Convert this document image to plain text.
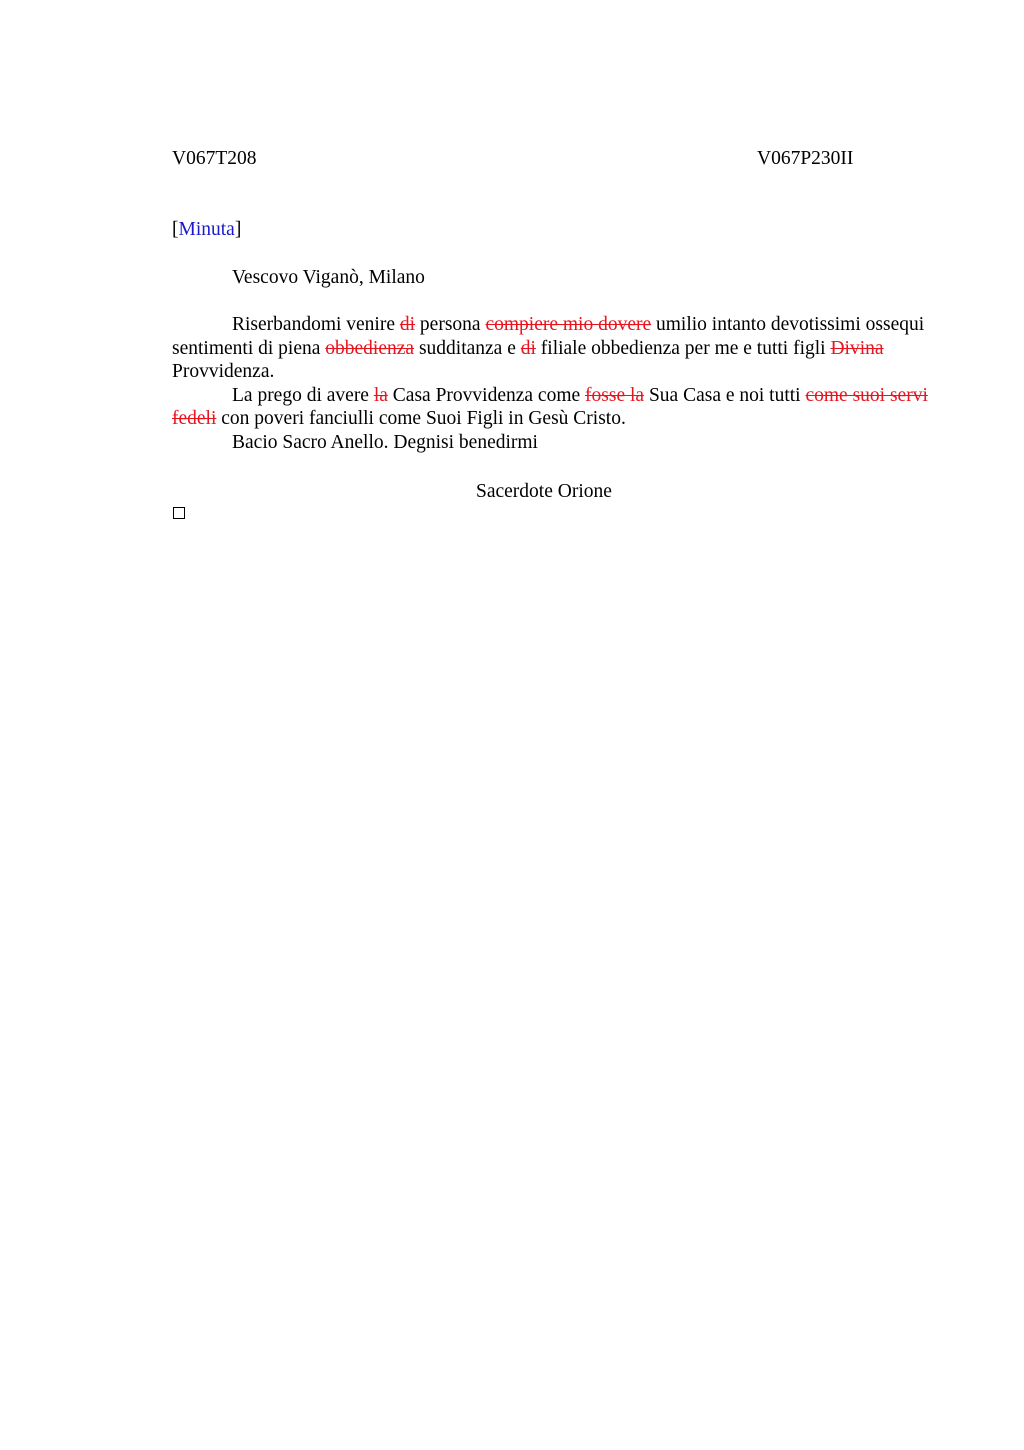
V067T208	V067P230II
[Minuta]
Vescovo Viganò, Milano

Riserbandomi venire di persona compiere mio dovere umilio intanto devotissimi ossequi sentimenti di piena obbedienza sudditanza e di filiale obbedienza per me e tutti figli Divina Provvidenza.

La prego di avere la Casa Provvidenza come fosse la Sua Casa e noi tutti come suoi servi fedeli con poveri fanciulli come Suoi Figli in Gesù Cristo.

Bacio Sacro Anello. Degnisi benedirmi

Sacerdote Orione
